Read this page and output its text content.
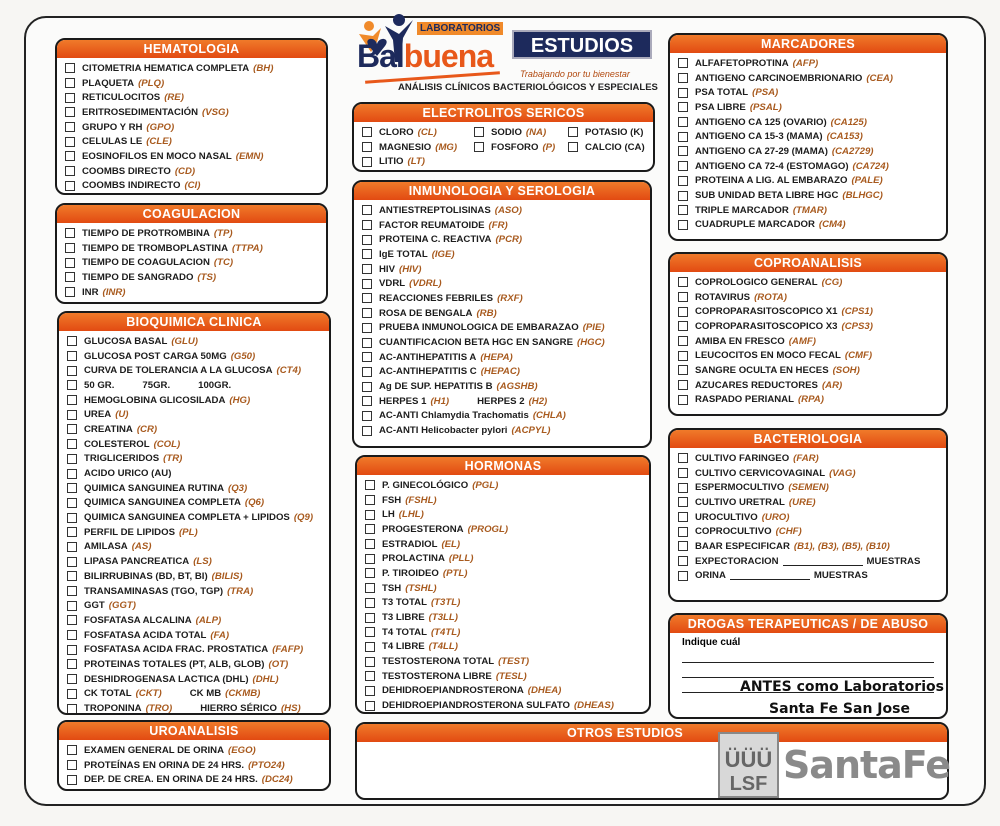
LABORATORIOS
Balbuena	ESTUDIOS
Trabajando por tu bienestar
ANÁLISIS CLÍNICOS BACTERIOLÓGICOS Y ESPECIALES
HEMATOLOGIA
CITOMETRIA HEMATICA COMPLETA (BH)
PLAQUETA (PLQ)
RETICULOCITOS (RE)
ERITROSEDIMENTACIÓN (VSG)
GRUPO Y RH (GPO)
CELULAS LE (CLE)
EOSINOFILOS EN MOCO NASAL (EMN)
COOMBS DIRECTO (CD)
COOMBS INDIRECTO (CI)
COAGULACION
TIEMPO DE PROTROMBINA (TP)
TIEMPO DE TROMBOPLASTINA (TTPA)
TIEMPO DE COAGULACION (TC)
TIEMPO DE SANGRADO (TS)
INR (INR)
BIOQUIMICA CLINICA
GLUCOSA BASAL (GLU)
GLUCOSA POST CARGA 50MG (G50)
CURVA DE TOLERANCIA A LA GLUCOSA (CT4)
50 GR.	75GR.	100GR.
HEMOGLOBINA GLICOSILADA (HG)
UREA (U)
CREATINA (CR)
COLESTEROL (COL)
TRIGLICERIDOS (TR)
ACIDO URICO (AU)
QUIMICA SANGUINEA RUTINA (Q3)
QUIMICA SANGUINEA COMPLETA (Q6)
QUIMICA SANGUINEA COMPLETA + LIPIDOS (Q9)
PERFIL DE LIPIDOS (PL)
AMILASA (AS)
LIPASA PANCREATICA (LS)
BILIRRUBINAS (BD, BT, BI) (BILIS)
TRANSAMINASAS (TGO, TGP) (TRA)
GGT (GGT)
FOSFATASA ALCALINA (ALP)
FOSFATASA ACIDA TOTAL (FA)
FOSFATASA ACIDA FRAC. PROSTATICA (FAFP)
PROTEINAS TOTALES (PT, ALB, GLOB) (OT)
DESHIDROGENASA LACTICA (DHL) (DHL)
CK TOTAL (CKT)	CK MB (CKMB)
TROPONINA (TRO)	HIERRO SÉRICO (HS)
UROANALISIS
EXAMEN GENERAL DE ORINA (EGO)
PROTEÍNAS EN ORINA DE 24 HRS. (PTO24)
DEP. DE CREA. EN ORINA DE 24 HRS. (DC24)
ELECTROLITOS SERICOS
CLORO (CL)	SODIO (NA)	POTASIO (K)
MAGNESIO (MG)	FOSFORO (P)	CALCIO (CA)
LITIO (LT)
INMUNOLOGIA Y SEROLOGIA
ANTIESTREPTOLISINAS (ASO)
FACTOR REUMATOIDE (FR)
PROTEINA C. REACTIVA (PCR)
IgE TOTAL (IGE)
HIV (HIV)
VDRL (VDRL)
REACCIONES FEBRILES (RXF)
ROSA DE BENGALA (RB)
PRUEBA INMUNOLOGICA DE EMBARAZAO (PIE)
CUANTIFICACION BETA HGC EN SANGRE (HGC)
AC-ANTIHEPATITIS A (HEPA)
AC-ANTIHEPATITIS C (HEPAC)
Ag DE SUP. HEPATITIS B (AGSHB)
HERPES 1 (H1)	HERPES 2 (H2)
AC-ANTI Chlamydia Trachomatis (CHLA)
AC-ANTI Helicobacter pylori (ACPYL)
HORMONAS
P. GINECOLÓGICO (PGL)
FSH (FSHL)
LH (LHL)
PROGESTERONA (PROGL)
ESTRADIOL (EL)
PROLACTINA (PLL)
P. TIROIDEO (PTL)
TSH (TSHL)
T3 TOTAL (T3TL)
T3 LIBRE (T3LL)
T4 TOTAL (T4TL)
T4 LIBRE (T4LL)
TESTOSTERONA TOTAL (TEST)
TESTOSTERONA LIBRE (TESL)
DEHIDROEPIANDROSTERONA (DHEA)
DEHIDROEPIANDROSTERONA SULFATO (DHEAS)
MARCADORES
ALFAFETOPROTINA (AFP)
ANTIGENO CARCINOEMBRIONARIO (CEA)
PSA TOTAL (PSA)
PSA LIBRE (PSAL)
ANTIGENO CA 125 (OVARIO) (CA125)
ANTIGENO CA 15-3 (MAMA) (CA153)
ANTIGENO CA 27-29 (MAMA) (CA2729)
ANTIGENO CA 72-4 (ESTOMAGO) (CA724)
PROTEINA A LIG. AL EMBARAZO (PALE)
SUB UNIDAD BETA LIBRE HGC (BLHGC)
TRIPLE MARCADOR (TMAR)
CUADRUPLE MARCADOR (CM4)
COPROANALISIS
COPROLOGICO GENERAL (CG)
ROTAVIRUS (ROTA)
COPROPARASITOSCOPICO X1 (CPS1)
COPROPARASITOSCOPICO X3 (CPS3)
AMIBA EN FRESCO (AMF)
LEUCOCITOS EN MOCO FECAL (CMF)
SANGRE OCULTA EN HECES (SOH)
AZUCARES REDUCTORES (AR)
RASPADO PERIANAL (RPA)
BACTERIOLOGIA
CULTIVO FARINGEO (FAR)
CULTIVO CERVICOVAGINAL (VAG)
ESPERMOCULTIVO (SEMEN)
CULTIVO URETRAL (URE)
UROCULTIVO (URO)
COPROCULTIVO (CHF)
BAAR ESPECIFICAR (B1), (B3), (B5), (B10)
EXPECTORACION	MUESTRAS
ORINA	MUESTRAS
DROGAS TERAPEUTICAS / DE ABUSO
Indique cuál
ANTES como Laboratorios
Santa Fe San Jose
OTROS ESTUDIOS
ÜÜÜ
LSF SantaFe
